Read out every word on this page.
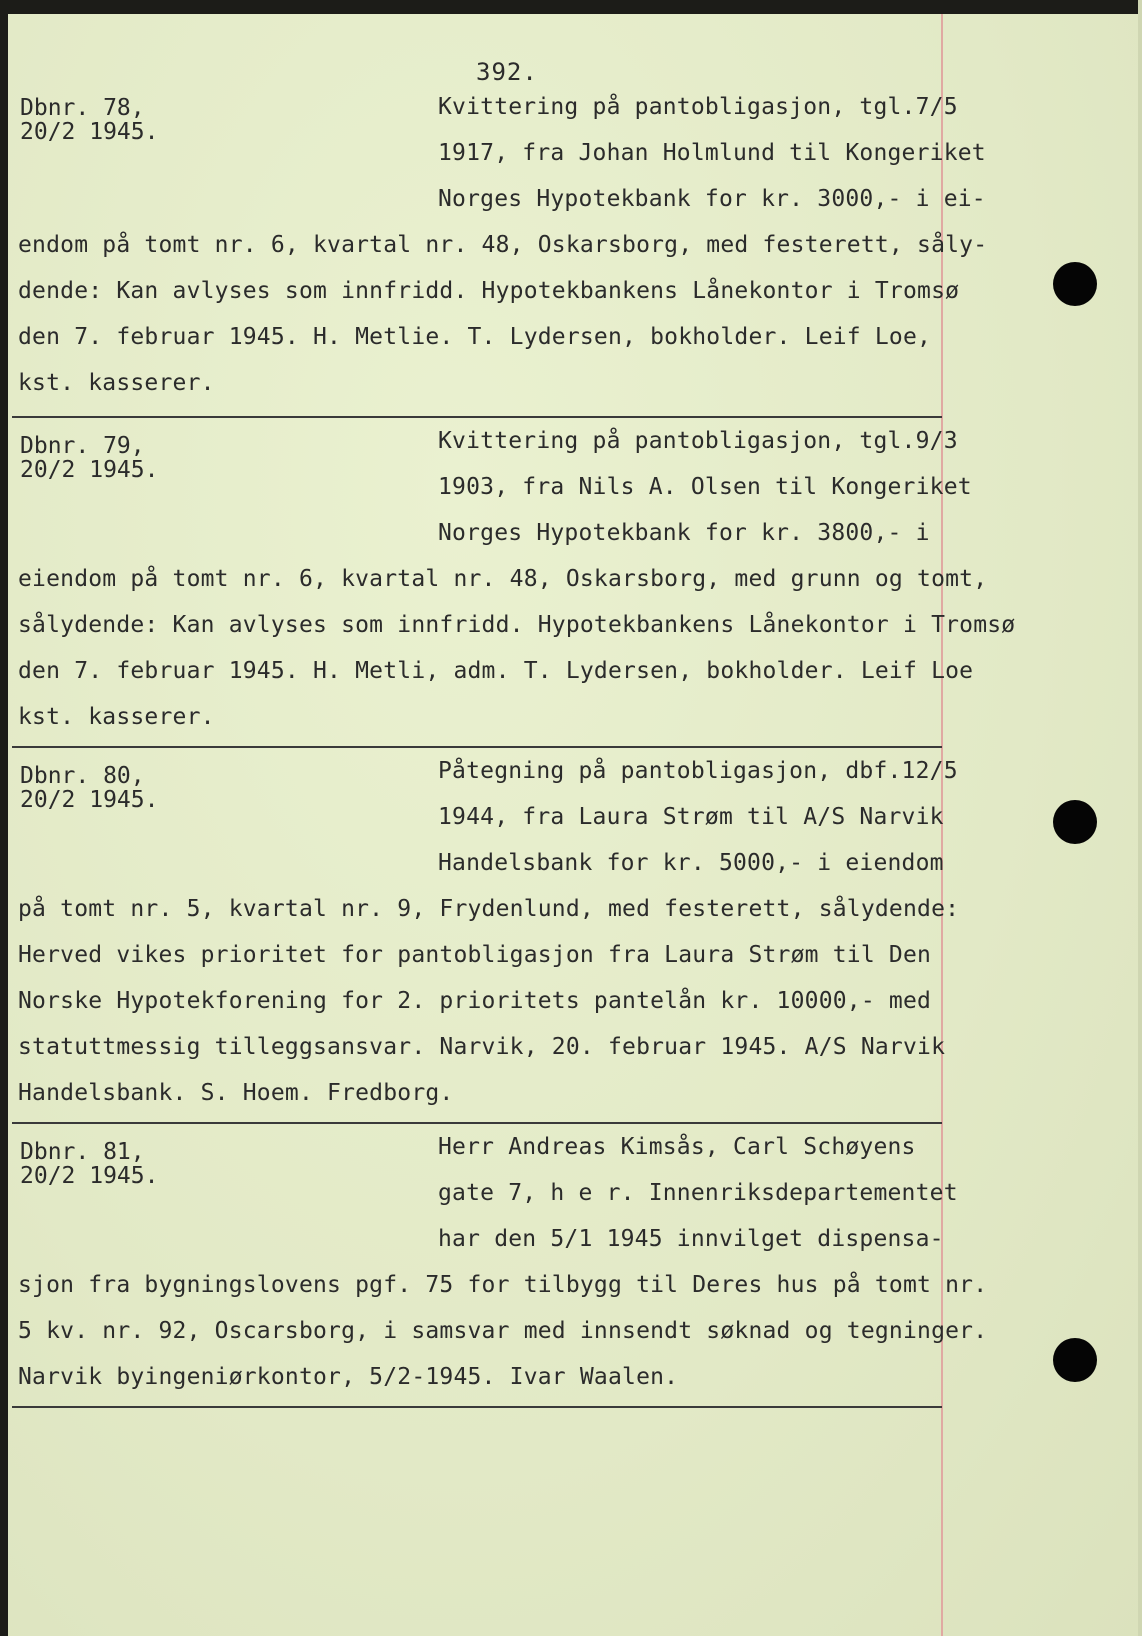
392.
Dbnr. 78,
20/2 1945.
Kvittering på pantobligasjon, tgl.7/5
1917, fra Johan Holmlund til Kongeriket
Norges Hypotekbank for kr. 3000,- i ei-
endom på tomt nr. 6, kvartal nr. 48, Oskarsborg, med festerett, såly-
dende: Kan avlyses som innfridd. Hypotekbankens Lånekontor i Tromsø
den 7. februar 1945. H. Metlie. T. Lydersen, bokholder. Leif Loe,
kst. kasserer.
Dbnr. 79,
20/2 1945.
Kvittering på pantobligasjon, tgl.9/3
1903, fra Nils A. Olsen til Kongeriket
Norges Hypotekbank for kr. 3800,- i
eiendom på tomt nr. 6, kvartal nr. 48, Oskarsborg, med grunn og tomt,
sålydende: Kan avlyses som innfridd. Hypotekbankens Lånekontor i Tromsø
den 7. februar 1945. H. Metli, adm. T. Lydersen, bokholder. Leif Loe
kst. kasserer.
Dbnr. 80,
20/2 1945.
Påtegning på pantobligasjon, dbf.12/5
1944, fra Laura Strøm til A/S Narvik
Handelsbank for kr. 5000,- i eiendom
på tomt nr. 5, kvartal nr. 9, Frydenlund, med festerett, sålydende:
Herved vikes prioritet for pantobligasjon fra Laura Strøm til Den
Norske Hypotekforening for 2. prioritets pantelån kr. 10000,- med
statuttmessig tilleggsansvar. Narvik, 20. februar 1945. A/S Narvik
Handelsbank. S. Hoem. Fredborg.
Dbnr. 81,
20/2 1945.
Herr Andreas Kimsås, Carl Schøyens
gate 7, h e r. Innenriksdepartementet
har den 5/1 1945 innvilget dispensa-
sjon fra bygningslovens pgf. 75 for tilbygg til Deres hus på tomt nr.
5 kv. nr. 92, Oscarsborg, i samsvar med innsendt søknad og tegninger.
Narvik byingeniørkontor, 5/2-1945. Ivar Waalen.
